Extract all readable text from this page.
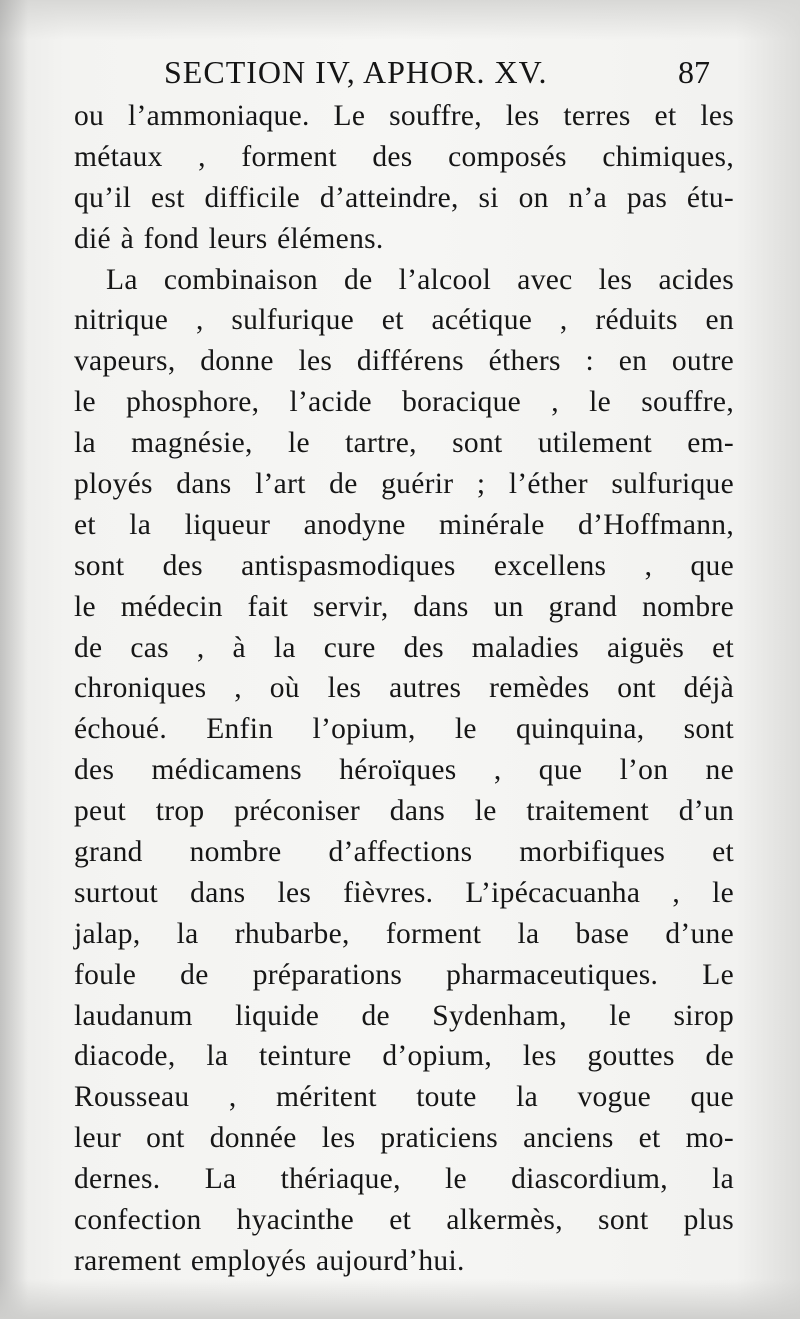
SECTION IV, APHOR. XV.	87
ou l’ammoniaque. Le souffre, les terres et les
métaux , forment des composés chimiques,
qu’il est difficile d’atteindre, si on n’a pas étu-
dié à fond leurs élémens.
La combinaison de l’alcool avec les acides
nitrique , sulfurique et acétique , réduits en
vapeurs, donne les différens éthers : en outre
le phosphore, l’acide boracique , le souffre,
la magnésie, le tartre, sont utilement em-
ployés dans l’art de guérir ; l’éther sulfurique
et la liqueur anodyne minérale d’Hoffmann,
sont des antispasmodiques excellens , que
le médecin fait servir, dans un grand nombre
de cas , à la cure des maladies aiguës et
chroniques , où les autres remèdes ont déjà
échoué. Enfin l’opium, le quinquina, sont
des médicamens héroïques , que l’on ne
peut trop préconiser dans le traitement d’un
grand nombre d’affections morbifiques et
surtout dans les fièvres. L’ipécacuanha , le
jalap, la rhubarbe, forment la base d’une
foule de préparations pharmaceutiques. Le
laudanum liquide de Sydenham, le sirop
diacode, la teinture d’opium, les gouttes de
Rousseau , méritent toute la vogue que
leur ont donnée les praticiens anciens et mo-
dernes. La thériaque, le diascordium, la
confection hyacinthe et alkermès, sont plus
rarement employés aujourd’hui.
